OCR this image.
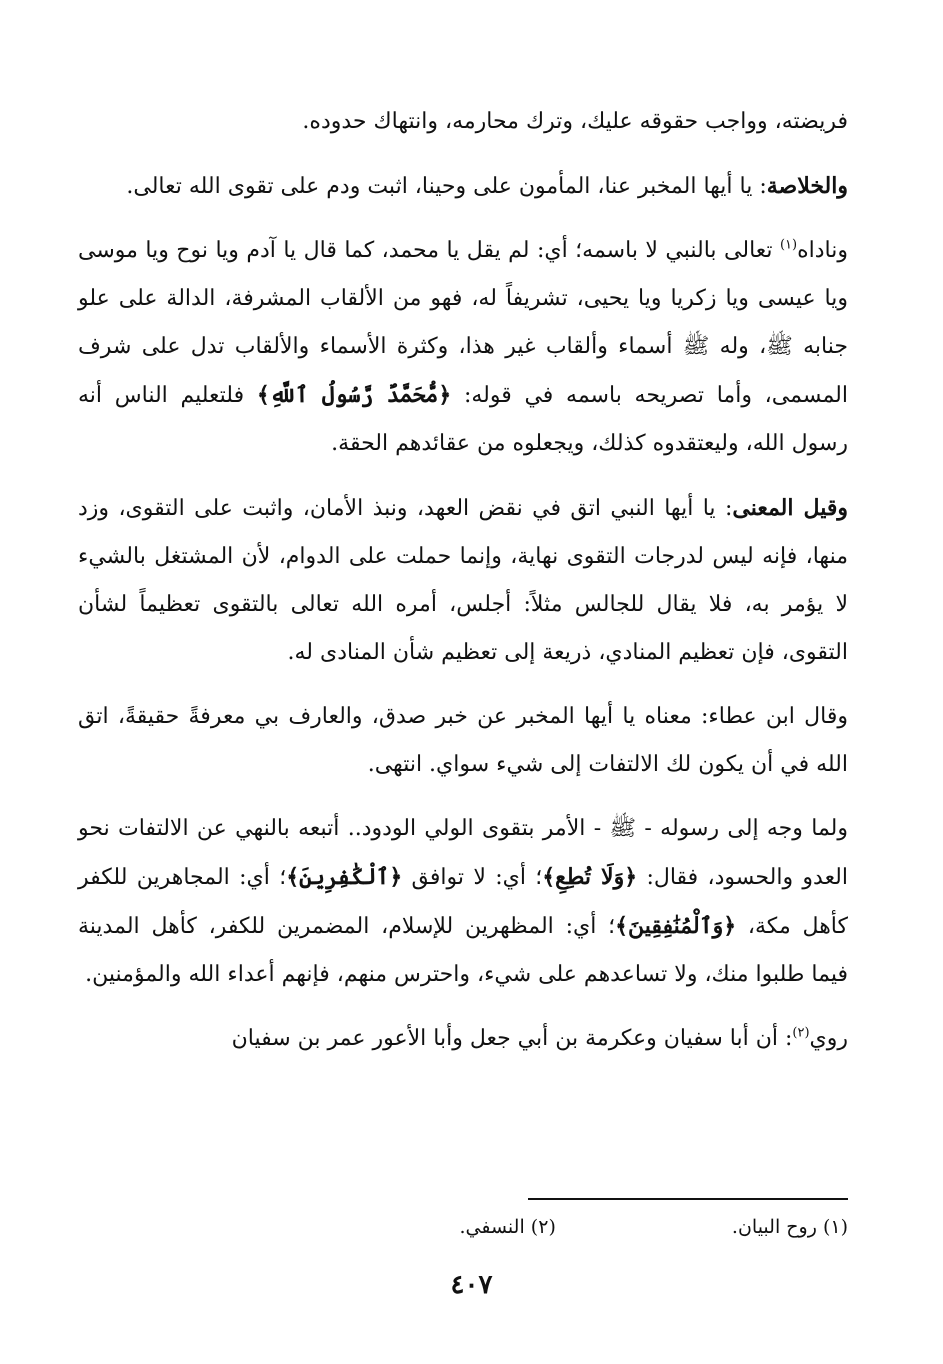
فريضته، وواجب حقوقه عليك، وترك محارمه، وانتهاك حدوده.

والخلاصة: يا أيها المخبر عنا، المأمون على وحينا، اثبت ودم على تقوى الله تعالى.

وناداه$^{(١)}$ تعالى بالنبي لا باسمه؛ أي: لم يقل يا محمد، كما قال يا آدم ويا نوح ويا موسى ويا عيسى ويا زكريا ويا يحيى، تشريفاً له، فهو من الألقاب المشرفة، الدالة على علو جنابه ﷺ، وله ﷺ أسماء وألقاب غير هذا، وكثرة الأسماء والألقاب تدل على شرف المسمى، وأما تصريحه باسمه في قوله: ﴿مُّحَمَّدٌ رَّسُولُ ٱللَّهِ﴾ فلتعليم الناس أنه رسول الله، وليعتقدوه كذلك، ويجعلوه من عقائدهم الحقة.

وقيل المعنى: يا أيها النبي اتق في نقض العهد، ونبذ الأمان، واثبت على التقوى، وزد منها، فإنه ليس لدرجات التقوى نهاية، وإنما حملت على الدوام، لأن المشتغل بالشيء لا يؤمر به، فلا يقال للجالس مثلاً: أجلس، أمره الله تعالى بالتقوى تعظيماً لشأن التقوى، فإن تعظيم المنادي، ذريعة إلى تعظيم شأن المنادى له.

وقال ابن عطاء: معناه يا أيها المخبر عن خبر صدق، والعارف بي معرفةً حقيقةً، اتق الله في أن يكون لك الالتفات إلى شيء سواي. انتهى.

ولما وجه إلى رسوله - ﷺ - الأمر بتقوى الولي الودود.. أتبعه بالنهي عن الالتفات نحو العدو والحسود، فقال: ﴿وَلَا تُطِعِ﴾؛ أي: لا توافق ﴿ٱلْكَٰفِرِينَ﴾؛ أي: المجاهرين للكفر كأهل مكة، ﴿وَٱلْمُنَٰفِقِينَ﴾؛ أي: المظهرين للإسلام، المضمرين للكفر، كأهل المدينة فيما طلبوا منك، ولا تساعدهم على شيء، واحترس منهم، فإنهم أعداء الله والمؤمنين.

روي$^{(٢)}$: أن أبا سفيان وعكرمة بن أبي جعل وأبا الأعور عمر بن سفيان

(١) روح البيان. (٢) النسفي.
٤٠٧
